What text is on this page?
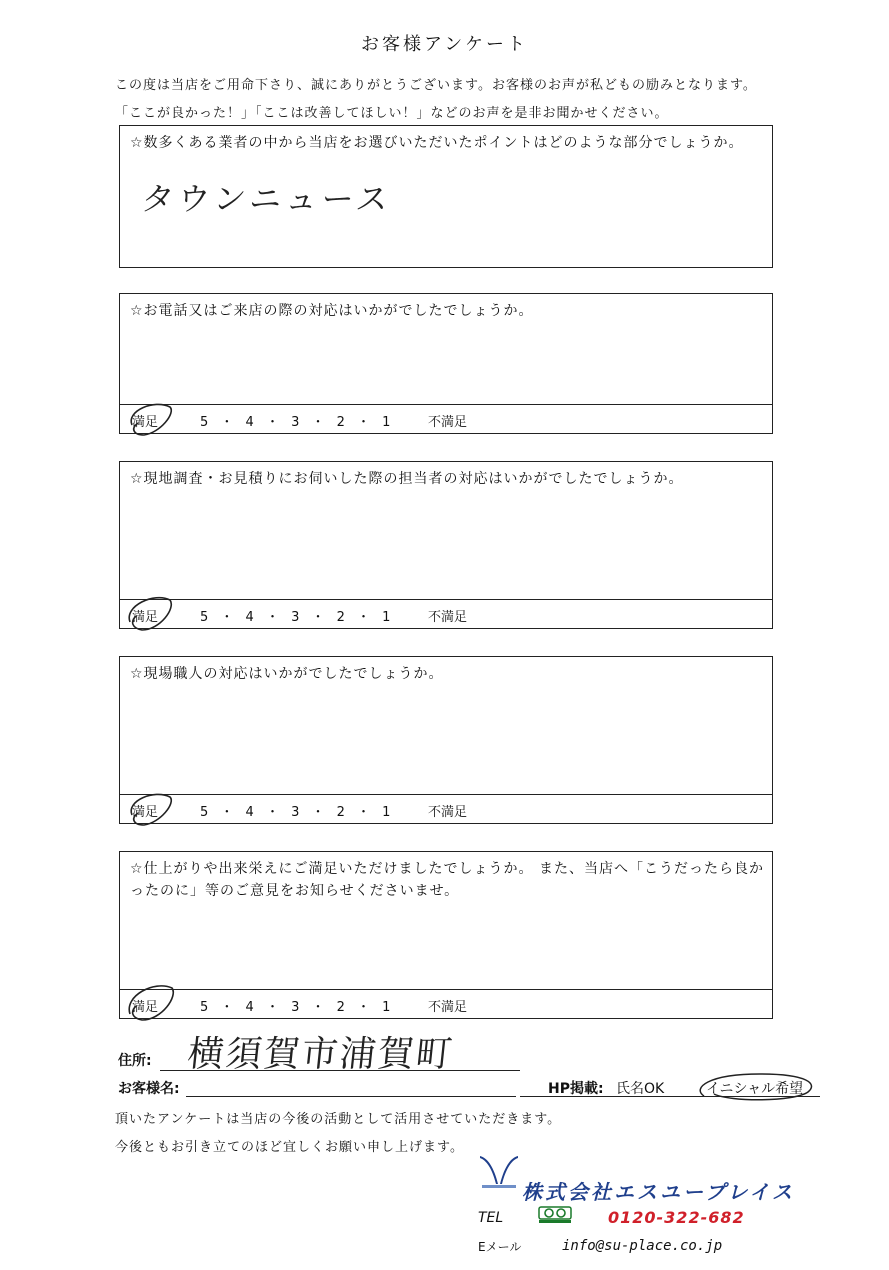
お客様アンケート
この度は当店をご用命下さり、誠にありがとうございます。お客様のお声が私どもの励みとなります。
「ここが良かった！」「ここは改善してほしい！」などのお声を是非お聞かせください。
☆数多くある業者の中から当店をお選びいただいたポイントはどのような部分でしょうか。
タウンニュース
☆お電話又はご来店の際の対応はいかがでしたでしょうか。
満足	5 ・ 4 ・ 3 ・ 2 ・ 1	不満足
☆現地調査・お見積りにお伺いした際の担当者の対応はいかがでしたでしょうか。
満足	5 ・ 4 ・ 3 ・ 2 ・ 1	不満足
☆現場職人の対応はいかがでしたでしょうか。
満足	5 ・ 4 ・ 3 ・ 2 ・ 1	不満足
☆仕上がりや出来栄えにご満足いただけましたでしょうか。 また、当店へ「こうだったら良かったのに」等のご意見をお知らせくださいませ。
満足	5 ・ 4 ・ 3 ・ 2 ・ 1	不満足
住所: 横須賀市浦賀町
お客様名:	HP掲載: 氏名OK	イニシャル希望
頂いたアンケートは当店の今後の活動として活用させていただきます。
今後ともお引き立てのほど宜しくお願い申し上げます。
株式会社エスユープレイス
TEL	0120-322-682
Eメール	info@su-place.co.jp
